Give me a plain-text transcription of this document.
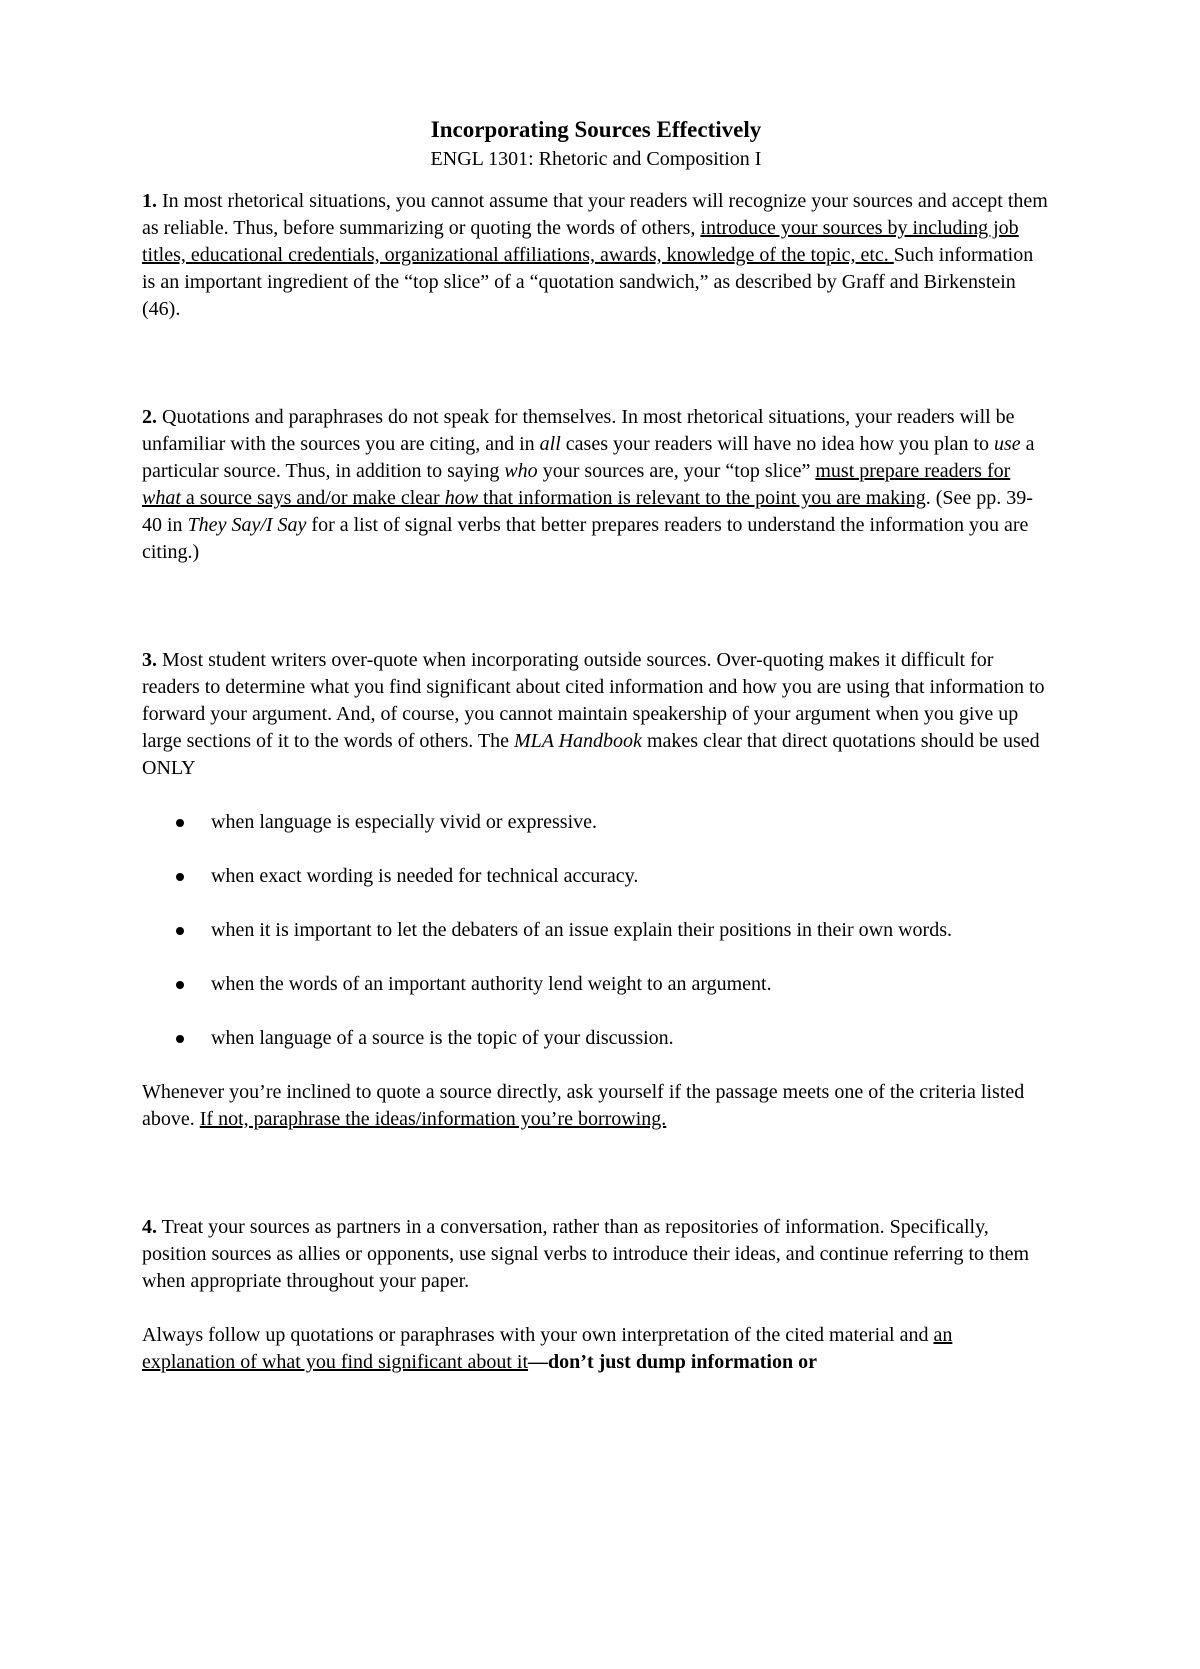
Incorporating Sources Effectively
ENGL 1301: Rhetoric and Composition I

1. In most rhetorical situations, you cannot assume that your readers will recognize your sources and accept them as reliable. Thus, before summarizing or quoting the words of others, introduce your sources by including job titles, educational credentials, organizational affiliations, awards, knowledge of the topic, etc. Such information is an important ingredient of the “top slice” of a “quotation sandwich,” as described by Graff and Birkenstein (46).

2. Quotations and paraphrases do not speak for themselves. In most rhetorical situations, your readers will be unfamiliar with the sources you are citing, and in all cases your readers will have no idea how you plan to use a particular source. Thus, in addition to saying who your sources are, your “top slice” must prepare readers for what a source says and/or make clear how that information is relevant to the point you are making. (See pp. 39-40 in They Say/I Say for a list of signal verbs that better prepares readers to understand the information you are citing.)

3. Most student writers over-quote when incorporating outside sources. Over-quoting makes it difficult for readers to determine what you find significant about cited information and how you are using that information to forward your argument. And, of course, you cannot maintain speakership of your argument when you give up large sections of it to the words of others. The MLA Handbook makes clear that direct quotations should be used ONLY

when language is especially vivid or expressive.
when exact wording is needed for technical accuracy.
when it is important to let the debaters of an issue explain their positions in their own words.
when the words of an important authority lend weight to an argument.
when language of a source is the topic of your discussion.

Whenever you’re inclined to quote a source directly, ask yourself if the passage meets one of the criteria listed above. If not, paraphrase the ideas/information you’re borrowing.

4. Treat your sources as partners in a conversation, rather than as repositories of information. Specifically, position sources as allies or opponents, use signal verbs to introduce their ideas, and continue referring to them when appropriate throughout your paper.

Always follow up quotations or paraphrases with your own interpretation of the cited material and an explanation of what you find significant about it—don’t just dump information or
